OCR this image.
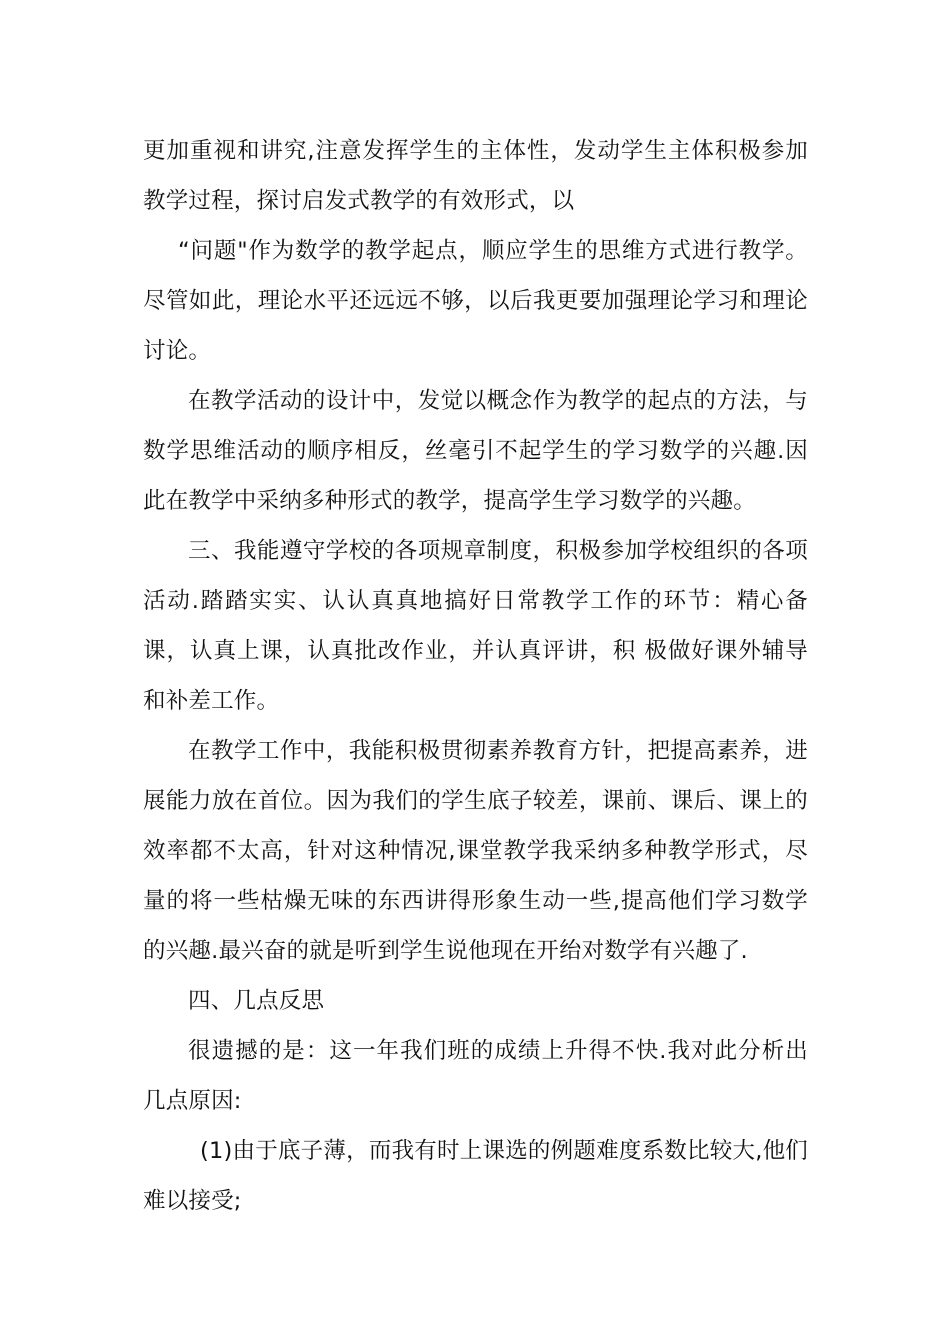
更加重视和讲究,注意发挥学生的主体性，发动学生主体积极参加教学过程，探讨启发式教学的有效形式，以

“问题"作为数学的教学起点，顺应学生的思维方式进行教学。尽管如此，理论水平还远远不够，以后我更要加强理论学习和理论讨论。

在教学活动的设计中，发觉以概念作为教学的起点的方法，与数学思维活动的顺序相反，丝毫引不起学生的学习数学的兴趣.因此在教学中采纳多种形式的教学，提高学生学习数学的兴趣。

三、我能遵守学校的各项规章制度，积极参加学校组织的各项活动.踏踏实实、认认真真地搞好日常教学工作的环节：精心备课，认真上课，认真批改作业，并认真评讲，积 极做好课外辅导和补差工作。

在教学工作中，我能积极贯彻素养教育方针，把提高素养，进展能力放在首位。因为我们的学生底子较差，课前、课后、课上的效率都不太高，针对这种情况,课堂教学我采纳多种教学形式，尽量的将一些枯燥无味的东西讲得形象生动一些,提高他们学习数学的兴趣.最兴奋的就是听到学生说他现在开绐对数学有兴趣了.

四、几点反思

很遗撼的是：这一年我们班的成绩上升得不快.我对此分析出几点原因:

(1)由于底子薄，而我有时上课选的例题难度系数比较大,他们难以接受;
